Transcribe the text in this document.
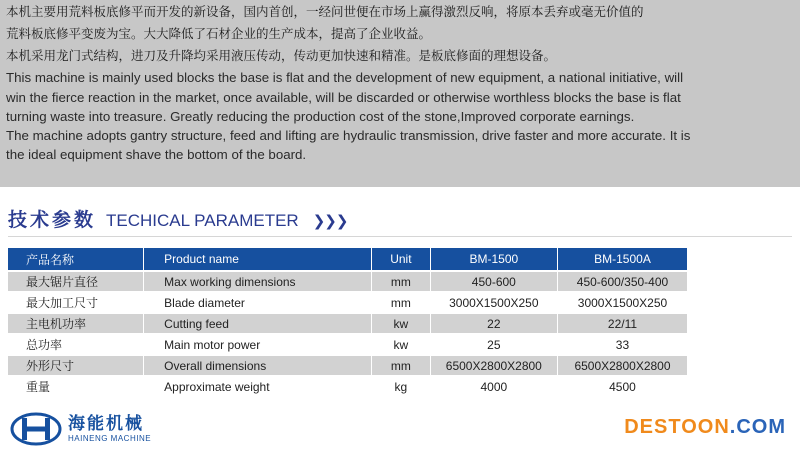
本机主要用荒料板底修平而开发的新设备，国内首创，一经问世便在市场上赢得激烈反响，将原本丢弃或毫无价值的
荒料板底修平变废为宝。大大降低了石材企业的生产成本，提高了企业收益。
本机采用龙门式结构，进刀及升降均采用液压传动，传动更加快速和精准。是板底修面的理想设备。
This machine is mainly used blocks the base is flat and the development of new equipment, a national initiative, will
win the fierce reaction in the market, once available, will be discarded or otherwise worthless blocks the base is flat
turning waste into treasure. Greatly reducing the production cost of the stone,Improved corporate earnings.
The machine adopts gantry structure, feed and lifting are hydraulic transmission, drive faster and more accurate. It is
the ideal equipment shave the bottom of the board.
技术参数 TECHICAL PARAMETER ❯❯❯
产品名称	Product name	Unit	BM-1500	BM-1500A
最大锯片直径	Max working dimensions	mm	450-600	450-600/350-400
最大加工尺寸	Blade diameter	mm	3000X1500X250	3000X1500X250
主电机功率	Cutting feed	kw	22	22/11
总功率	Main motor power	kw	25	33
外形尺寸	Overall dimensions	mm	6500X2800X2800	6500X2800X2800
重量	Approximate weight	kg	4000	4500
海能机械
HAINENG MACHINE
DESTOON.COM
